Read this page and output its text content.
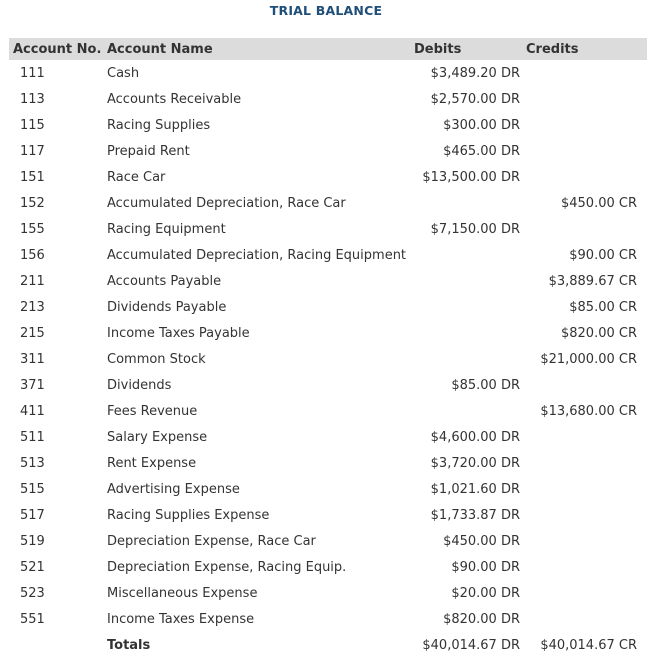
TRIAL BALANCE
Account No.	Account Name	Debits	Credits
111	Cash	$3,489.20 DR	
113	Accounts Receivable	$2,570.00 DR	
115	Racing Supplies	$300.00 DR	
117	Prepaid Rent	$465.00 DR	
151	Race Car	$13,500.00 DR	
152	Accumulated Depreciation, Race Car		$450.00 CR
155	Racing Equipment	$7,150.00 DR	
156	Accumulated Depreciation, Racing Equipment		$90.00 CR
211	Accounts Payable		$3,889.67 CR
213	Dividends Payable		$85.00 CR
215	Income Taxes Payable		$820.00 CR
311	Common Stock		$21,000.00 CR
371	Dividends	$85.00 DR	
411	Fees Revenue		$13,680.00 CR
511	Salary Expense	$4,600.00 DR	
513	Rent Expense	$3,720.00 DR	
515	Advertising Expense	$1,021.60 DR	
517	Racing Supplies Expense	$1,733.87 DR	
519	Depreciation Expense, Race Car	$450.00 DR	
521	Depreciation Expense, Racing Equip.	$90.00 DR	
523	Miscellaneous Expense	$20.00 DR	
551	Income Taxes Expense	$820.00 DR	
	Totals	$40,014.67 DR	$40,014.67 CR
